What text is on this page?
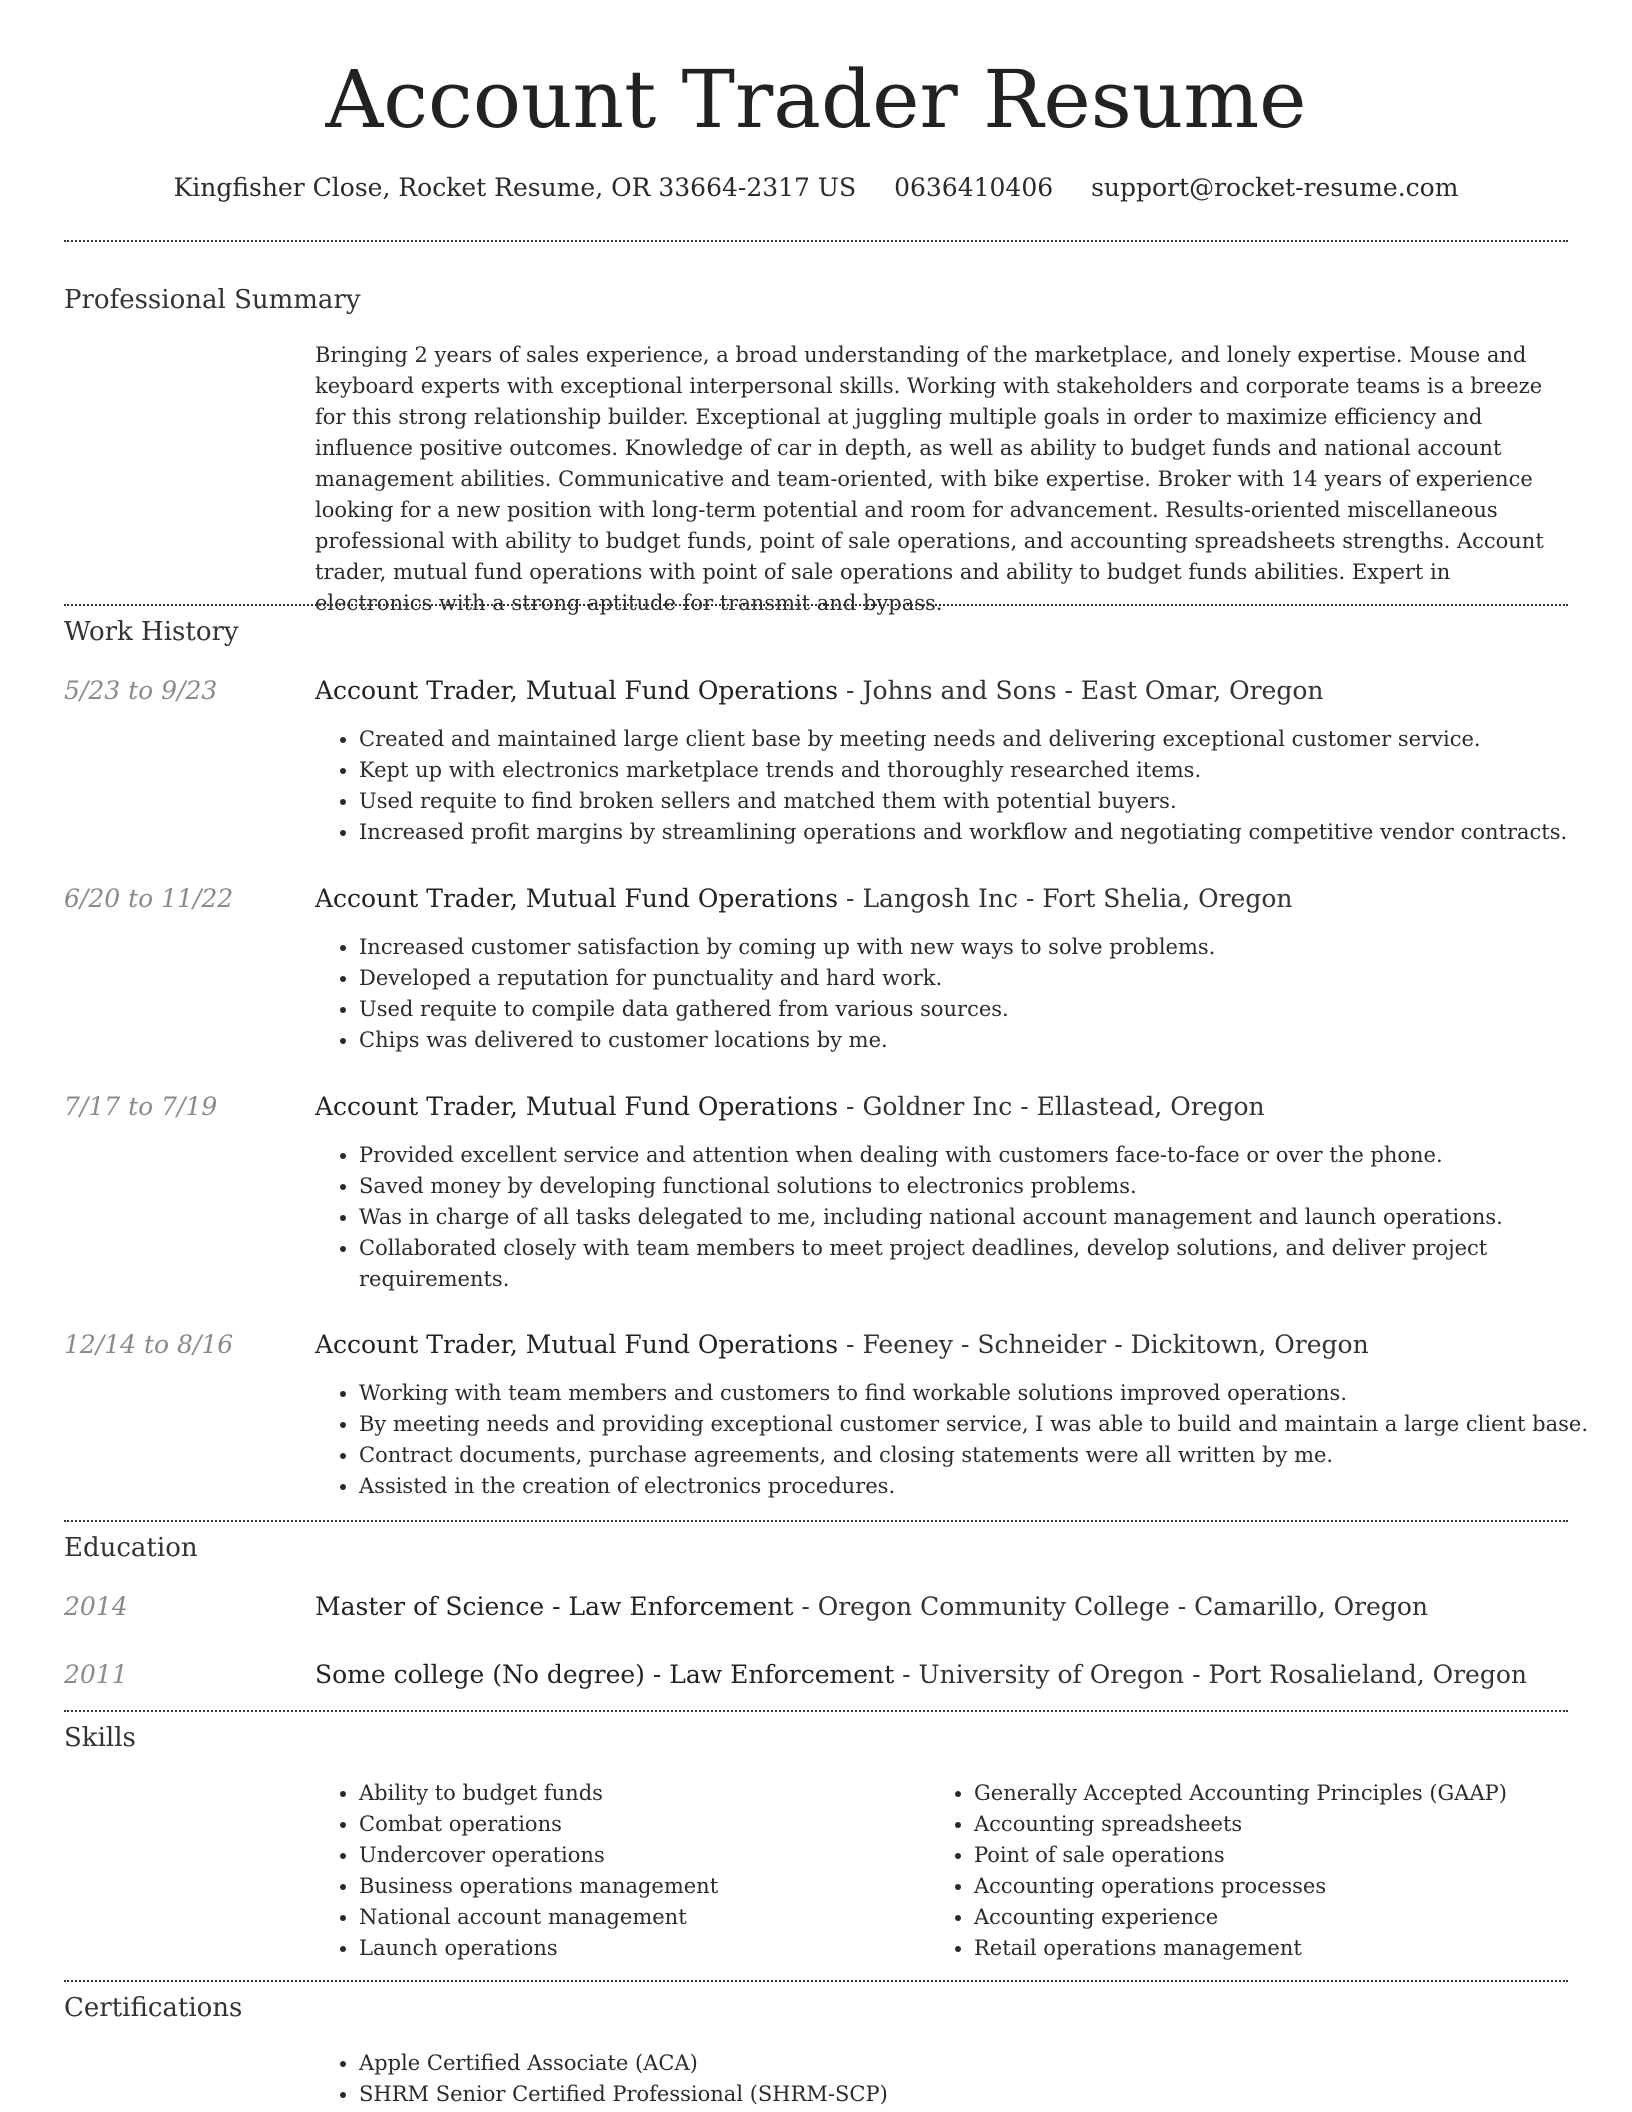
Account Trader Resume
Kingfisher Close, Rocket Resume, OR 33664-2317 US 0636410406 support@rocket-resume.com
Professional Summary

Bringing 2 years of sales experience, a broad understanding of the marketplace, and lonely expertise. Mouse and keyboard experts with exceptional interpersonal skills. Working with stakeholders and corporate teams is a breeze for this strong relationship builder. Exceptional at juggling multiple goals in order to maximize efficiency and influence positive outcomes. Knowledge of car in depth, as well as ability to budget funds and national account management abilities. Communicative and team-oriented, with bike expertise. Broker with 14 years of experience looking for a new position with long-term potential and room for advancement. Results-oriented miscellaneous professional with ability to budget funds, point of sale operations, and accounting spreadsheets strengths. Account trader, mutual fund operations with point of sale operations and ability to budget funds abilities. Expert in electronics with a strong aptitude for transmit and bypass.

Work History
5/23 to 9/23	Account Trader, Mutual Fund Operations - Johns and Sons - East Omar, Oregon
• Created and maintained large client base by meeting needs and delivering exceptional customer service.
• Kept up with electronics marketplace trends and thoroughly researched items.
• Used requite to find broken sellers and matched them with potential buyers.
• Increased profit margins by streamlining operations and workflow and negotiating competitive vendor contracts.
6/20 to 11/22	Account Trader, Mutual Fund Operations - Langosh Inc - Fort Shelia, Oregon
• Increased customer satisfaction by coming up with new ways to solve problems.
• Developed a reputation for punctuality and hard work.
• Used requite to compile data gathered from various sources.
• Chips was delivered to customer locations by me.
7/17 to 7/19	Account Trader, Mutual Fund Operations - Goldner Inc - Ellastead, Oregon
• Provided excellent service and attention when dealing with customers face-to-face or over the phone.
• Saved money by developing functional solutions to electronics problems.
• Was in charge of all tasks delegated to me, including national account management and launch operations.
• Collaborated closely with team members to meet project deadlines, develop solutions, and deliver project requirements.
12/14 to 8/16	Account Trader, Mutual Fund Operations - Feeney - Schneider - Dickitown, Oregon
• Working with team members and customers to find workable solutions improved operations.
• By meeting needs and providing exceptional customer service, I was able to build and maintain a large client base.
• Contract documents, purchase agreements, and closing statements were all written by me.
• Assisted in the creation of electronics procedures.
Education
2014	Master of Science - Law Enforcement - Oregon Community College - Camarillo, Oregon
2011	Some college (No degree) - Law Enforcement - University of Oregon - Port Rosalieland, Oregon
Skills
• Ability to budget funds
• Combat operations
• Undercover operations
• Business operations management
• National account management
• Launch operations
• Generally Accepted Accounting Principles (GAAP)
• Accounting spreadsheets
• Point of sale operations
• Accounting operations processes
• Accounting experience
• Retail operations management
Certifications
• Apple Certified Associate (ACA)
• SHRM Senior Certified Professional (SHRM-SCP)
